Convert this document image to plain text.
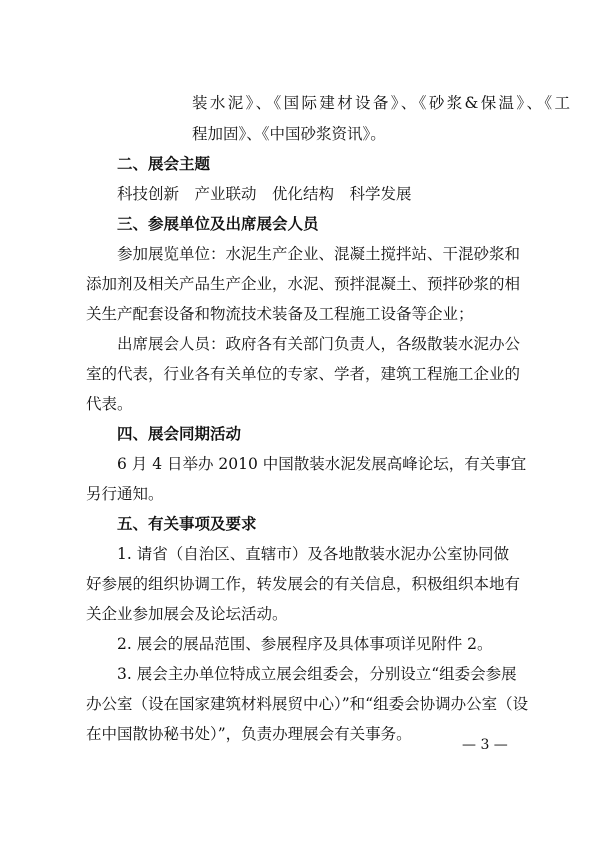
装水泥》、《国际建材设备》、《砂浆&保温》、《工
程加固》、《中国砂浆资讯》。
二、展会主题
科技创新　产业联动　优化结构　科学发展
三、参展单位及出席展会人员
参加展览单位：水泥生产企业、混凝土搅拌站、干混砂浆和
添加剂及相关产品生产企业，水泥、预拌混凝土、预拌砂浆的相
关生产配套设备和物流技术装备及工程施工设备等企业；
出席展会人员：政府各有关部门负责人，各级散装水泥办公
室的代表，行业各有关单位的专家、学者，建筑工程施工企业的
代表。
四、展会同期活动
6 月 4 日举办 2010 中国散装水泥发展高峰论坛，有关事宜
另行通知。
五、有关事项及要求
1. 请省（自治区、直辖市）及各地散装水泥办公室协同做
好参展的组织协调工作，转发展会的有关信息，积极组织本地有
关企业参加展会及论坛活动。
2. 展会的展品范围、参展程序及具体事项详见附件 2。
3. 展会主办单位特成立展会组委会，分别设立“组委会参展
办公室（设在国家建筑材料展贸中心）”和“组委会协调办公室（设
在中国散协秘书处）”，负责办理展会有关事务。
— 3 —
